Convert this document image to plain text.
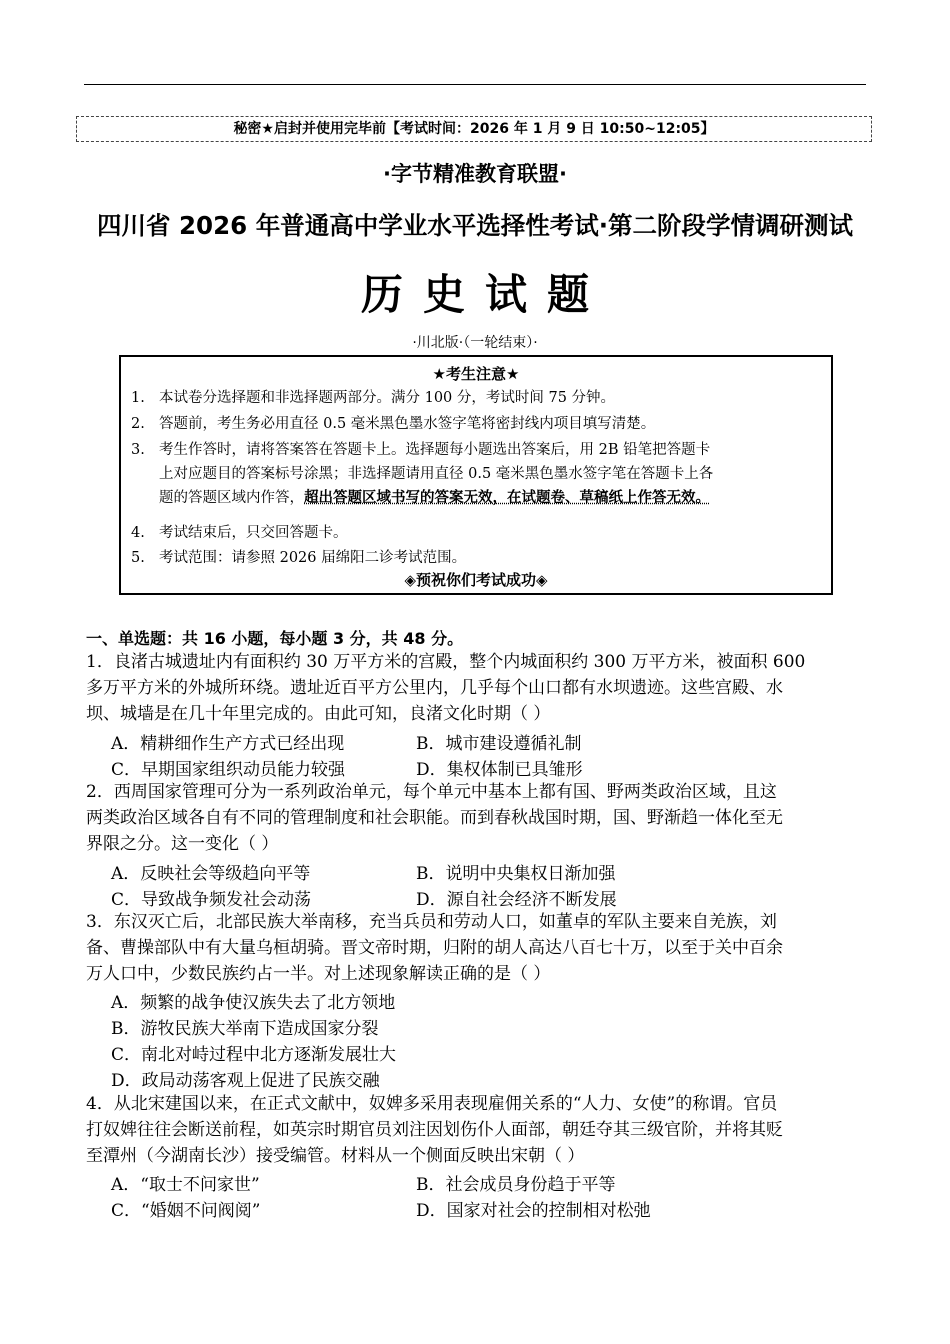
秘密★启封并使用完毕前【考试时间：2026 年 1 月 9 日 10:50~12:05】
·字节精准教育联盟·
四川省 2026 年普通高中学业水平选择性考试·第二阶段学情调研测试
历史试题
·川北版·（一轮结束）·
★考生注意★
1. 本试卷分选择题和非选择题两部分。满分 100 分，考试时间 75 分钟。
2. 答题前，考生务必用直径 0.5 毫米黑色墨水签字笔将密封线内项目填写清楚。
3. 考生作答时，请将答案答在答题卡上。选择题每小题选出答案后，用 2B 铅笔把答题卡
上对应题目的答案标号涂黑；非选择题请用直径 0.5 毫米黑色墨水签字笔在答题卡上各
题的答题区域内作答，超出答题区域书写的答案无效，在试题卷、草稿纸上作答无效。
4. 考试结束后，只交回答题卡。
5. 考试范围：请参照 2026 届绵阳二诊考试范围。
◈预祝你们考试成功◈
一、单选题：共 16 小题，每小题 3 分，共 48 分。
1．良渚古城遗址内有面积约 30 万平方米的宫殿，整个内城面积约 300 万平方米，被面积 600
多万平方米的外城所环绕。遗址近百平方公里内，几乎每个山口都有水坝遗迹。这些宫殿、水
坝、城墙是在几十年里完成的。由此可知，良渚文化时期（ ）
A．精耕细作生产方式已经出现	B．城市建设遵循礼制
C．早期国家组织动员能力较强	D．集权体制已具雏形
2．西周国家管理可分为一系列政治单元，每个单元中基本上都有国、野两类政治区域，且这
两类政治区域各自有不同的管理制度和社会职能。而到春秋战国时期，国、野渐趋一体化至无
界限之分。这一变化（ ）
A．反映社会等级趋向平等	B．说明中央集权日渐加强
C．导致战争频发社会动荡	D．源自社会经济不断发展
3．东汉灭亡后，北部民族大举南移，充当兵员和劳动人口，如董卓的军队主要来自羌族，刘
备、曹操部队中有大量乌桓胡骑。晋文帝时期，归附的胡人高达八百七十万，以至于关中百余
万人口中，少数民族约占一半。对上述现象解读正确的是（ ）
A．频繁的战争使汉族失去了北方领地
B．游牧民族大举南下造成国家分裂
C．南北对峙过程中北方逐渐发展壮大
D．政局动荡客观上促进了民族交融
4．从北宋建国以来，在正式文献中，奴婢多采用表现雇佣关系的“人力、女使”的称谓。官员
打奴婢往往会断送前程，如英宗时期官员刘注因划伤仆人面部，朝廷夺其三级官阶，并将其贬
至潭州（今湖南长沙）接受编管。材料从一个侧面反映出宋朝（ ）
A．“取士不问家世”	B．社会成员身份趋于平等
C．“婚姻不问阀阅”	D．国家对社会的控制相对松弛
